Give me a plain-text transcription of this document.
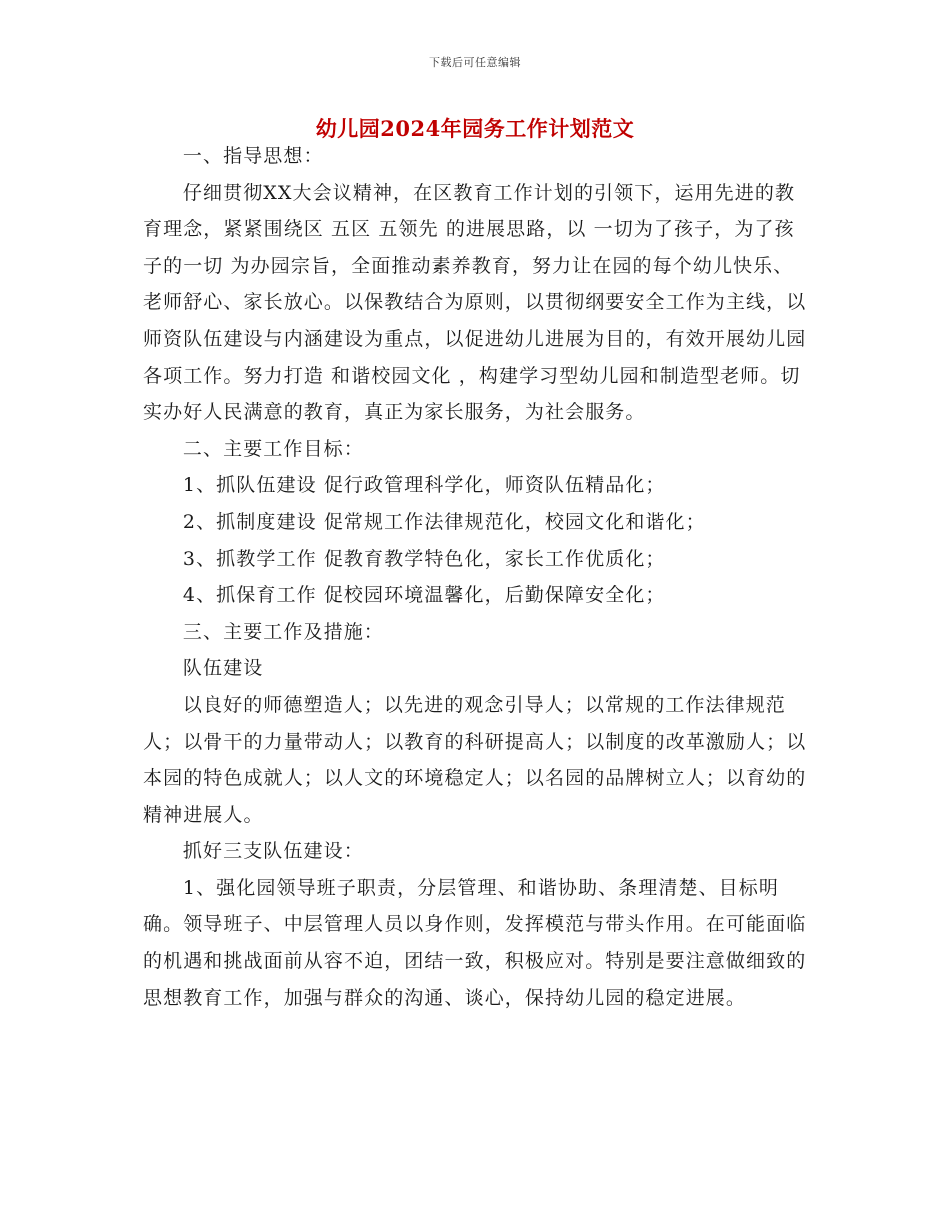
下载后可任意编辑
幼儿园2024年园务工作计划范文

一、指导思想：

仔细贯彻XX大会议精神，在区教育工作计划的引领下，运用先进的教育理念，紧紧围绕区 五区 五领先 的进展思路，以 一切为了孩子，为了孩子的一切 为办园宗旨，全面推动素养教育，努力让在园的每个幼儿快乐、老师舒心、家长放心。以保教结合为原则，以贯彻纲要安全工作为主线，以师资队伍建设与内涵建设为重点，以促进幼儿进展为目的，有效开展幼儿园各项工作。努力打造 和谐校园文化 ，构建学习型幼儿园和制造型老师。切实办好人民满意的教育，真正为家长服务，为社会服务。

二、主要工作目标：

1、抓队伍建设 促行政管理科学化，师资队伍精品化；

2、抓制度建设 促常规工作法律规范化，校园文化和谐化；

3、抓教学工作 促教育教学特色化，家长工作优质化；

4、抓保育工作 促校园环境温馨化，后勤保障安全化；

三、主要工作及措施：

队伍建设

以良好的师德塑造人；以先进的观念引导人；以常规的工作法律规范人；以骨干的力量带动人；以教育的科研提高人；以制度的改革激励人；以本园的特色成就人；以人文的环境稳定人；以名园的品牌树立人；以育幼的精神进展人。

抓好三支队伍建设：

1、强化园领导班子职责，分层管理、和谐协助、条理清楚、目标明确。领导班子、中层管理人员以身作则，发挥模范与带头作用。在可能面临的机遇和挑战面前从容不迫，团结一致，积极应对。特别是要注意做细致的思想教育工作，加强与群众的沟通、谈心，保持幼儿园的稳定进展。
